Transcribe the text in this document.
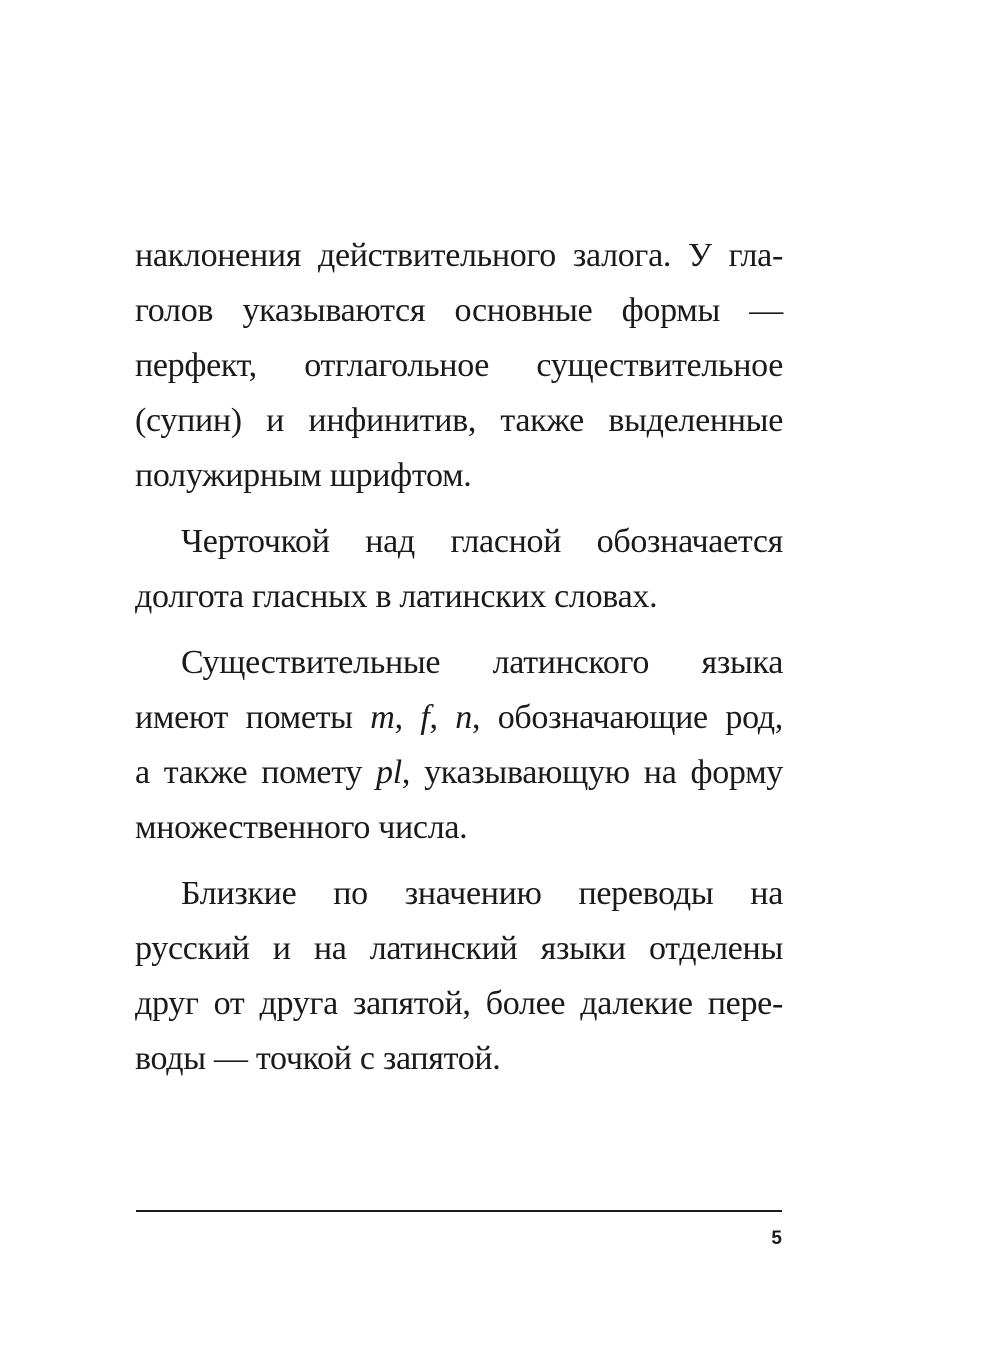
наклонения действительного залога. У гла-
голов указываются основные формы —
перфект, отглагольное существительное
(супин) и инфинитив, также выделенные
полужирным шрифтом.
Черточкой над гласной обозначается
долгота гласных в латинских словах.
Существительные латинского языка
имеют пометы m, f, n, обозначающие род,
а также помету pl, указывающую на форму
множественного числа.
Близкие по значению переводы на
русский и на латинский языки отделены
друг от друга запятой, более далекие пере-
воды — точкой с запятой.
5
